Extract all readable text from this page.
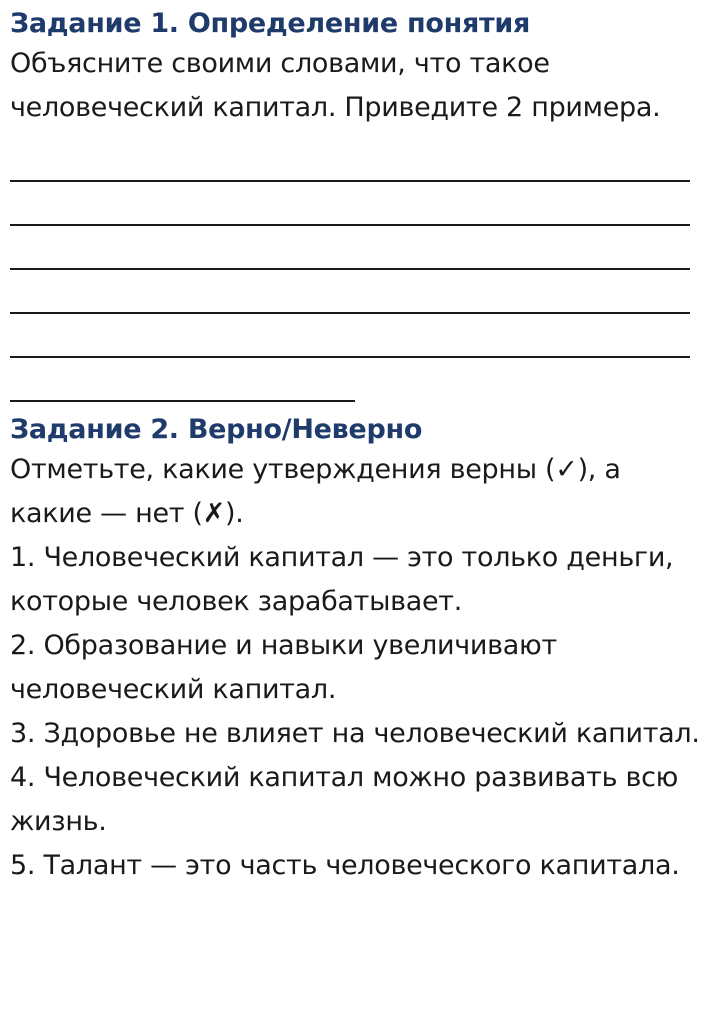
Задание 1. Определение понятия

Объясните своими словами, что такое человеческий капитал. Приведите 2 примера.

Задание 2. Верно/Неверно

Отметьте, какие утверждения верны (✓), а какие — нет (✗).

1. Человеческий капитал — это только деньги, которые человек зарабатывает.
2. Образование и навыки увеличивают человеческий капитал.
3. Здоровье не влияет на человеческий капитал.
4. Человеческий капитал можно развивать всю жизнь.
5. Талант — это часть человеческого капитала.
